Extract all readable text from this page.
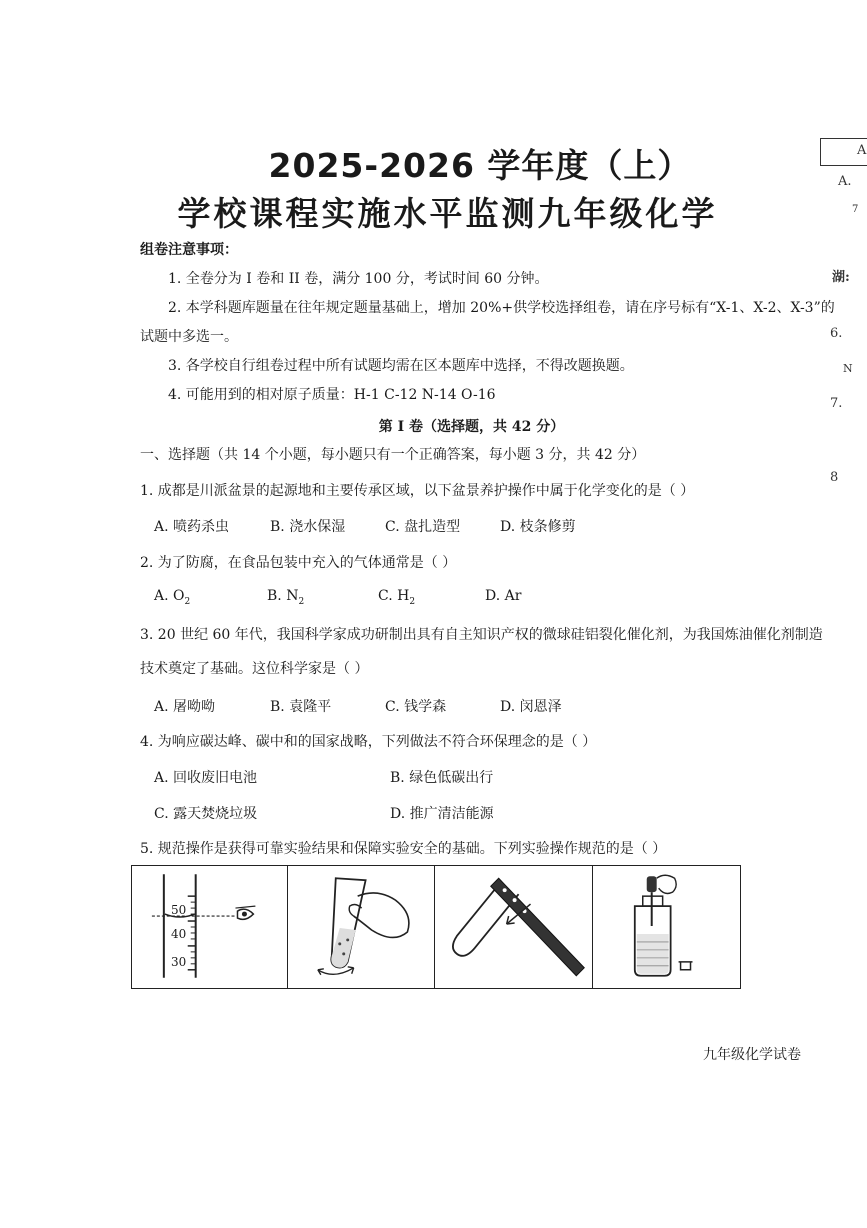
2025-2026 学年度（上）
学校课程实施水平监测九年级化学
A
A.
7
湖:
6.
N
7.
8
组卷注意事项：
1. 全卷分为 I 卷和 II 卷，满分 100 分，考试时间 60 分钟。
2. 本学科题库题量在往年规定题量基础上，增加 20%+供学校选择组卷，请在序号标有“X-1、X-2、X-3”的
试题中多选一。
3. 各学校自行组卷过程中所有试题均需在区本题库中选择，不得改题换题。
4. 可能用到的相对原子质量：H-1 C-12 N-14 O-16
第 I 卷（选择题，共 42 分）
一、选择题（共 14 个小题，每小题只有一个正确答案，每小题 3 分，共 42 分）
1. 成都是川派盆景的起源地和主要传承区域，以下盆景养护操作中属于化学变化的是（ ）
A. 喷药杀虫	B. 浇水保湿	C. 盘扎造型	D. 枝条修剪
2. 为了防腐，在食品包装中充入的气体通常是（ ）
A. $O_2$	B. $N_2$	C. $H_2$	D. Ar
3. 20 世纪 60 年代，我国科学家成功研制出具有自主知识产权的微球硅铝裂化催化剂，为我国炼油催化剂制造
技术奠定了基础。这位科学家是（ ）
A. 屠呦呦	B. 袁隆平	C. 钱学森	D. 闵恩泽
4. 为响应碳达峰、碳中和的国家战略，下列做法不符合环保理念的是（ ）
A. 回收废旧电池	B. 绿色低碳出行
C. 露天焚烧垃圾	D. 推广清洁能源
5. 规范操作是获得可靠实验结果和保障实验安全的基础。下列实验操作规范的是（ ）
50
40
30
九年级化学试卷
